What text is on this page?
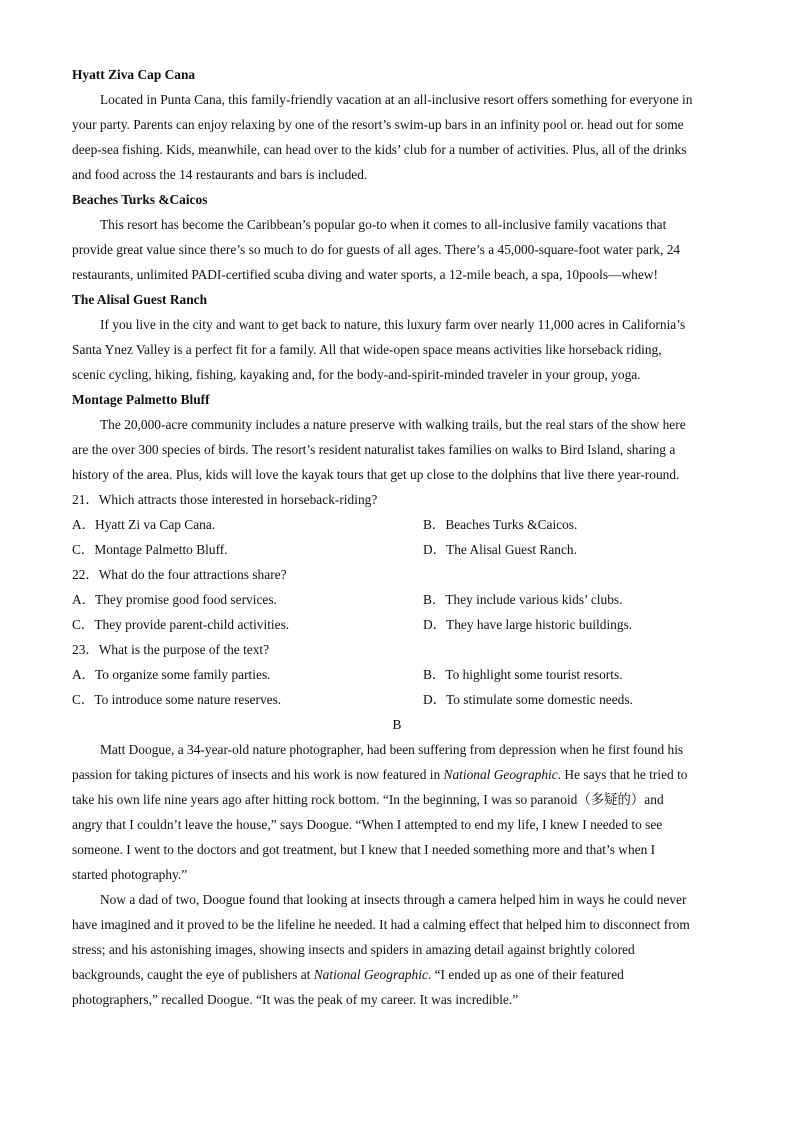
Hyatt Ziva Cap Cana
Located in Punta Cana, this family-friendly vacation at an all-inclusive resort offers something for everyone in
your party. Parents can enjoy relaxing by one of the resort’s swim-up bars in an infinity pool or. head out for some
deep-sea fishing. Kids, meanwhile, can head over to the kids’ club for a number of activities. Plus, all of the drinks
and food across the 14 restaurants and bars is included.
Beaches Turks &Caicos
This resort has become the Caribbean’s popular go-to when it comes to all-inclusive family vacations that
provide great value since there’s so much to do for guests of all ages. There’s a 45,000-square-foot water park, 24
restaurants, unlimited PADI-certified scuba diving and water sports, a 12-mile beach, a spa, 10pools—whew!
The Alisal Guest Ranch
If you live in the city and want to get back to nature, this luxury farm over nearly 11,000 acres in California’s
Santa Ynez Valley is a perfect fit for a family. All that wide-open space means activities like horseback riding,
scenic cycling, hiking, fishing, kayaking and, for the body-and-spirit-minded traveler in your group, yoga.
Montage Palmetto Bluff
The 20,000-acre community includes a nature preserve with walking trails, but the real stars of the show here
are the over 300 species of birds. The resort’s resident naturalist takes families on walks to Bird Island, sharing a
history of the area. Plus, kids will love the kayak tours that get up close to the dolphins that live there year-round.
21．Which attracts those interested in horseback-riding?
A．Hyatt Zi va Cap Cana.	B．Beaches Turks &Caicos.
C．Montage Palmetto Bluff.	D．The Alisal Guest Ranch.
22．What do the four attractions share?
A．They promise good food services.	B．They include various kids’ clubs.
C．They provide parent-child activities.	D．They have large historic buildings.
23．What is the purpose of the text?
A．To organize some family parties.	B．To highlight some tourist resorts.
C．To introduce some nature reserves.	D．To stimulate some domestic needs.
B
Matt Doogue, a 34-year-old nature photographer, had been suffering from depression when he first found his
passion for taking pictures of insects and his work is now featured in National Geographic. He says that he tried to
take his own life nine years ago after hitting rock bottom. “In the beginning, I was so paranoid（多疑的）and
angry that I couldn’t leave the house,” says Doogue. “When I attempted to end my life, I knew I needed to see
someone. I went to the doctors and got treatment, but I knew that I needed something more and that’s when I
started photography.”
Now a dad of two, Doogue found that looking at insects through a camera helped him in ways he could never
have imagined and it proved to be the lifeline he needed. It had a calming effect that helped him to disconnect from
stress; and his astonishing images, showing insects and spiders in amazing detail against brightly colored
backgrounds, caught the eye of publishers at National Geographic. “I ended up as one of their featured
photographers,” recalled Doogue. “It was the peak of my career. It was incredible.”
